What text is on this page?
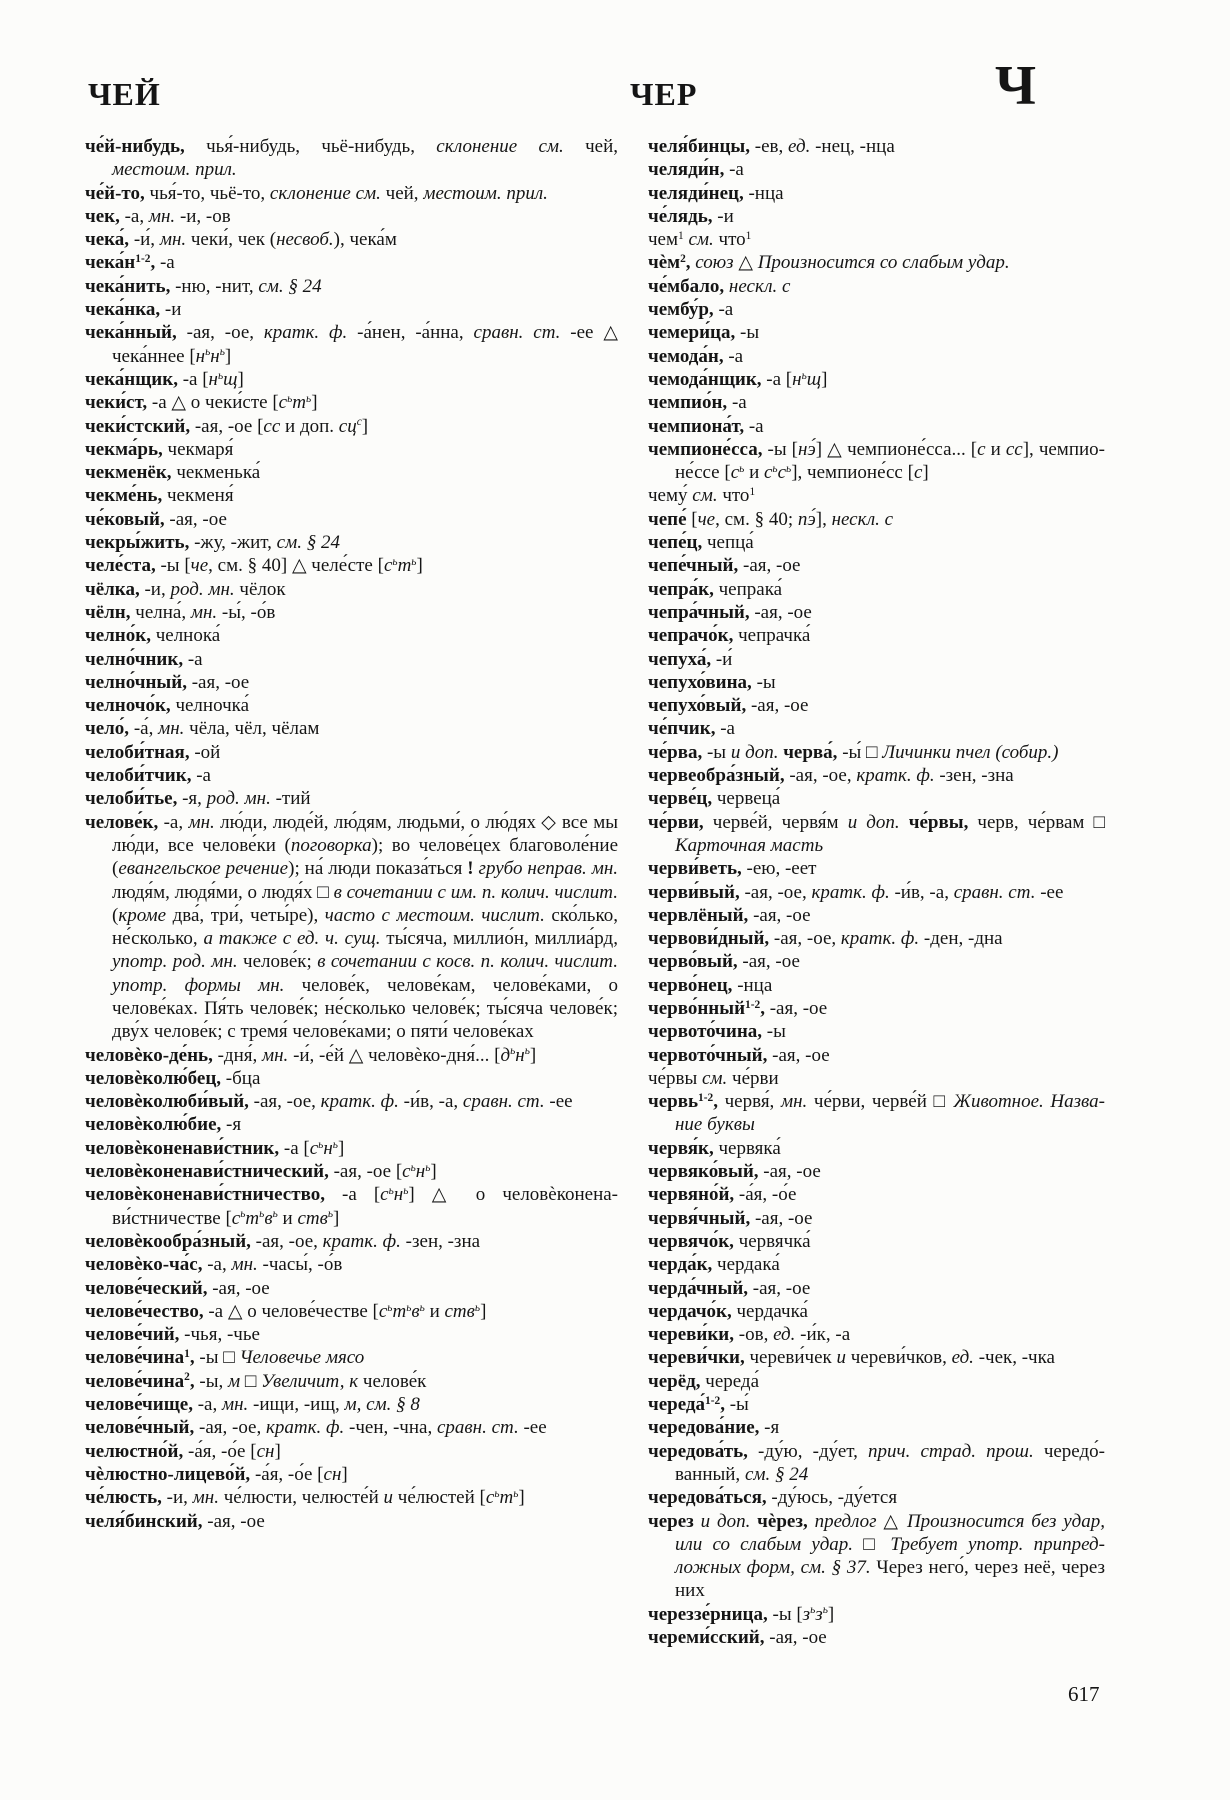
ЧЕЙ	ЧЕР	Ч

че́й-нибудь, чья́-нибудь, чьё-нибудь, склонение см. чей, местоим. прил.

че́й-то, чья́-то, чьё-то, склонение см. чей, местоим. прил.

чек, -а, мн. -и, -ов

чека́, -и́, мн. чеки́, чек (несвоб.), чека́м

$чека́н^{1-2}$, -а

чека́нить, -ню, -нит, см. § 24

чека́нка, -и

чека́нный, -ая, -ое, кратк. ф. -а́нен, -а́нна, сравн. ст. -ее △ чека́ннее $[н^ьн^ь]$

чека́нщик, -а $[н^ьщ]$

чеки́ст, -а △ о чеки́сте $[с^ьт^ь]$

чеки́стский, -ая, -ое [сс и доп. $сц^с$]

чекма́рь, чекмаря́

чекменёк, чекменька́

чекме́нь, чекменя́

че́ковый, -ая, -ое

чекры́жить, -жу, -жит, см. § 24

челе́ста, -ы [че, см. § 40] △ челе́сте $[с^ьт^ь]$

чёлка, -и, род. мн. чёлок

чёлн, челна́, мн. -ы́, -о́в

челно́к, челнока́

челно́чник, -а

челно́чный, -ая, -ое

челночо́к, челночка́

чело́, -а́, мн. чёла, чёл, чёлам

челоби́тная, -ой

челоби́тчик, -а

челоби́тье, -я, род. мн. -тий

челове́к, -а, мн. лю́ди, люде́й, лю́дям, людьми́, о лю́дях ◇ все мы лю́ди, все челове́ки (поговорка); во челове́цех благоволе́ние (евангельское речение); на́ люди показа́ться ! грубо неправ. мн. людя́м, людя́ми, о людя́х □ в сочетании с им. п. колич. числит. (кроме два́, три́, четы́ре), часто с местоим. числит. ско́лько, не́сколько, а также с ед. ч. сущ. ты́сяча, миллио́н, миллиа́рд, употр. род. мн. челове́к; в сочетании с косв. п. колич. числит. употр. формы мн. челове́к, челове́кам, челове́ками, о челове́ках. Пя́ть челове́к; не́сколько челове́к; ты́сяча челове́к; дву́х челове́к; с тремя́ челове́ками; о пяти́ челове́ках

человѐко-де́нь, -дня́, мн. -и́, -е́й △ человѐко-дня́... $[д^ьн^ь]$

человѐколю́бец, -бца

человѐколюби́вый, -ая, -ое, кратк. ф. -и́в, -а, сравн. ст. -ее

человѐколю́бие, -я

человѐконенави́стник, -а $[с^ьн^ь]$

человѐконенави́стнический, -ая, -ое $[с^ьн^ь]$

человѐконенави́стничество, -а $[с^ьн^ь]$ △ о человѐконена-ви́стничестве [$с^ьт^ьв^ь$ и ств$^ь$]

человѐкообра́зный, -ая, -ое, кратк. ф. -зен, -зна

человѐко-ча́с, -а, мн. -часы́, -о́в

челове́ческий, -ая, -ое

челове́чество, -а △ о челове́честве [$с^ьт^ьв^ь$ и ств$^ь$]

челове́чий, -чья, -чье

челове́чина$^1$, -ы □ Человечье мясо

челове́чина$^2$, -ы, м □ Увеличит, к челове́к

челове́чище, -а, мн. -ищи, -ищ, м, см. § 8

челове́чный, -ая, -ое, кратк. ф. -чен, -чна, сравн. ст. -ее

челюстно́й, -а́я, -о́е [сн]

чѐлюстно-лицево́й, -а́я, -о́е [сн]

че́люсть, -и, мн. че́люсти, челюсте́й и че́люстей $[с^ьт^ь]$

челя́бинский, -ая, -ое

челя́бинцы, -ев, ед. -нец, -нца

челяди́н, -а

челяди́нец, -нца

че́лядь, -и

чем$^1$ см. что$^1$

чѐм$^2$, союз △ Произносится со слабым удар.

че́мбало, нескл. с

чембу́р, -а

чемери́ца, -ы

чемода́н, -а

чемода́нщик, -а $[н^ьщ]$

чемпио́н, -а

чемпиона́т, -а

чемпионе́сса, -ы [нэ́] △ чемпионе́сса... [с и сс], чемпио-не́ссе [$с^ь$ и $с^ьс^ь$], чемпионе́сс [с]

чему́ см. что$^1$

чепе́ [че, см. § 40; пэ́], нескл. с

чепе́ц, чепца́

чепе́чный, -ая, -ое

чепра́к, чепрака́

чепра́чный, -ая, -ое

чепрачо́к, чепрачка́

чепуха́, -и́

чепухо́вина, -ы

чепухо́вый, -ая, -ое

че́пчик, -а

че́рва, -ы и доп. черва́, -ы́ □ Личинки пчел (собир.)

червеобра́зный, -ая, -ое, кратк. ф. -зен, -зна

черве́ц, червеца́

че́рви, черве́й, червя́м и доп. че́рвы, черв, че́рвам □ Карточная масть

черви́веть, -ею, -еет

черви́вый, -ая, -ое, кратк. ф. -и́в, -а, сравн. ст. -ее

червлёный, -ая, -ое

червови́дный, -ая, -ое, кратк. ф. -ден, -дна

черво́вый, -ая, -ое

черво́нец, -нца

черво́нный$^{1-2}$, -ая, -ое

червото́чина, -ы

червото́чный, -ая, -ое

че́рвы см. че́рви

червь$^{1-2}$, червя́, мн. че́рви, черве́й □ Животное. Назва-ние буквы

червя́к, червяка́

червяко́вый, -ая, -ое

червяно́й, -а́я, -о́е

червя́чный, -ая, -ое

червячо́к, червячка́

черда́к, чердака́

черда́чный, -ая, -ое

чердачо́к, чердачка́

череви́ки, -ов, ед. -и́к, -а

череви́чки, череви́чек и череви́чков, ед. -чек, -чка

черёд, череда́

череда́$^{1-2}$, -ы́

чередова́ние, -я

чередова́ть, -ду́ю, -ду́ет, прич. страд. прош. чередо́-ванный, см. § 24

чередова́ться, -ду́юсь, -ду́ется

через и доп. чѐрез, предлог △ Произносится без удар, или со слабым удар. □ Требует употр. припред-ложных форм, см. § 37. Через него́, через неё, через них

череззе́рница, -ы $[з^ьз^ь]$

череми́сский, -ая, -ое

617
